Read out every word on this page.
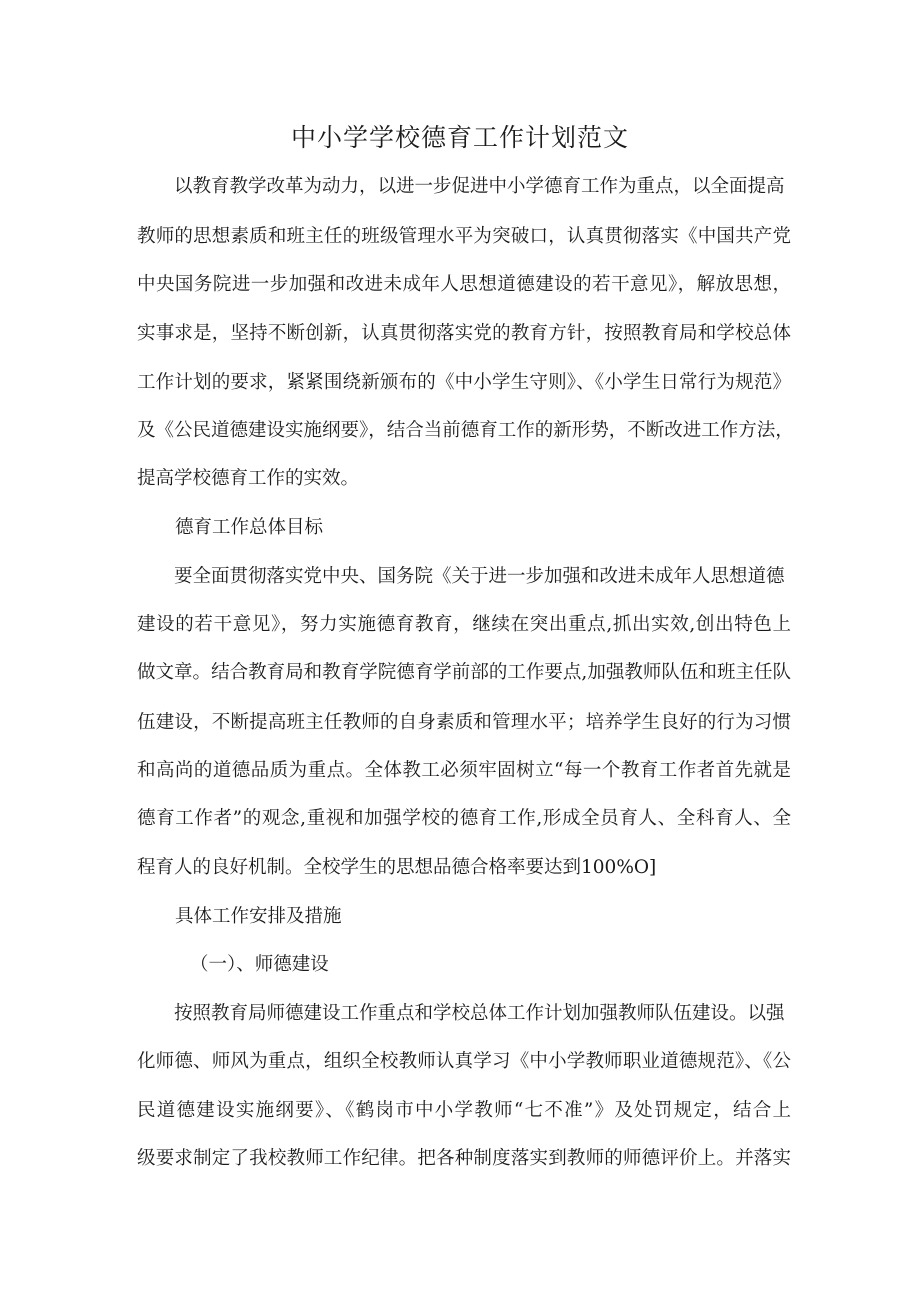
中小学学校德育工作计划范文

以教育教学改革为动力，以进一步促进中小学德育工作为重点，以全面提高

教师的思想素质和班主任的班级管理水平为突破口，认真贯彻落实《中国共产党

中央国务院进一步加强和改进未成年人思想道德建设的若干意见》，解放思想，

实事求是，坚持不断创新，认真贯彻落实党的教育方针，按照教育局和学校总体

工作计划的要求，紧紧围绕新颁布的《中小学生守则》、《小学生日常行为规范》

及《公民道德建设实施纲要》，结合当前德育工作的新形势，不断改进工作方法，

提高学校德育工作的实效。

德育工作总体目标

要全面贯彻落实党中央、国务院《关于进一步加强和改进未成年人思想道德

建设的若干意见》，努力实施德育教育，继续在突出重点,抓出实效,创出特色上

做文章。结合教育局和教育学院德育学前部的工作要点,加强教师队伍和班主任队

伍建设，不断提高班主任教师的自身素质和管理水平；培养学生良好的行为习惯

和高尚的道德品质为重点。全体教工必须牢固树立“每一个教育工作者首先就是

德育工作者”的观念,重视和加强学校的德育工作,形成全员育人、全科育人、全

程育人的良好机制。全校学生的思想品德合格率要达到100%O]

具体工作安排及措施

（一）、师德建设

按照教育局师德建设工作重点和学校总体工作计划加强教师队伍建设。以强

化师德、师风为重点，组织全校教师认真学习《中小学教师职业道德规范》、《公

民道德建设实施纲要》、《鹤岗市中小学教师“七不准”》及处罚规定，结合上

级要求制定了我校教师工作纪律。把各种制度落实到教师的师德评价上。并落实
